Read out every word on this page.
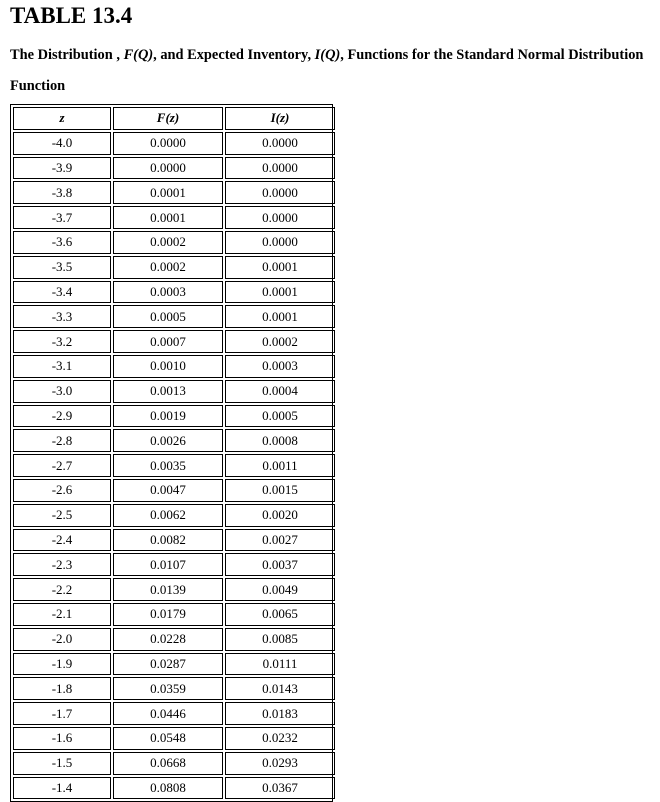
TABLE 13.4
The Distribution , F(Q), and Expected Inventory, I(Q), Functions for the Standard Normal Distribution Function
z	F(z)	I(z)
-4.0	0.0000	0.0000
-3.9	0.0000	0.0000
-3.8	0.0001	0.0000
-3.7	0.0001	0.0000
-3.6	0.0002	0.0000
-3.5	0.0002	0.0001
-3.4	0.0003	0.0001
-3.3	0.0005	0.0001
-3.2	0.0007	0.0002
-3.1	0.0010	0.0003
-3.0	0.0013	0.0004
-2.9	0.0019	0.0005
-2.8	0.0026	0.0008
-2.7	0.0035	0.0011
-2.6	0.0047	0.0015
-2.5	0.0062	0.0020
-2.4	0.0082	0.0027
-2.3	0.0107	0.0037
-2.2	0.0139	0.0049
-2.1	0.0179	0.0065
-2.0	0.0228	0.0085
-1.9	0.0287	0.0111
-1.8	0.0359	0.0143
-1.7	0.0446	0.0183
-1.6	0.0548	0.0232
-1.5	0.0668	0.0293
-1.4	0.0808	0.0367
